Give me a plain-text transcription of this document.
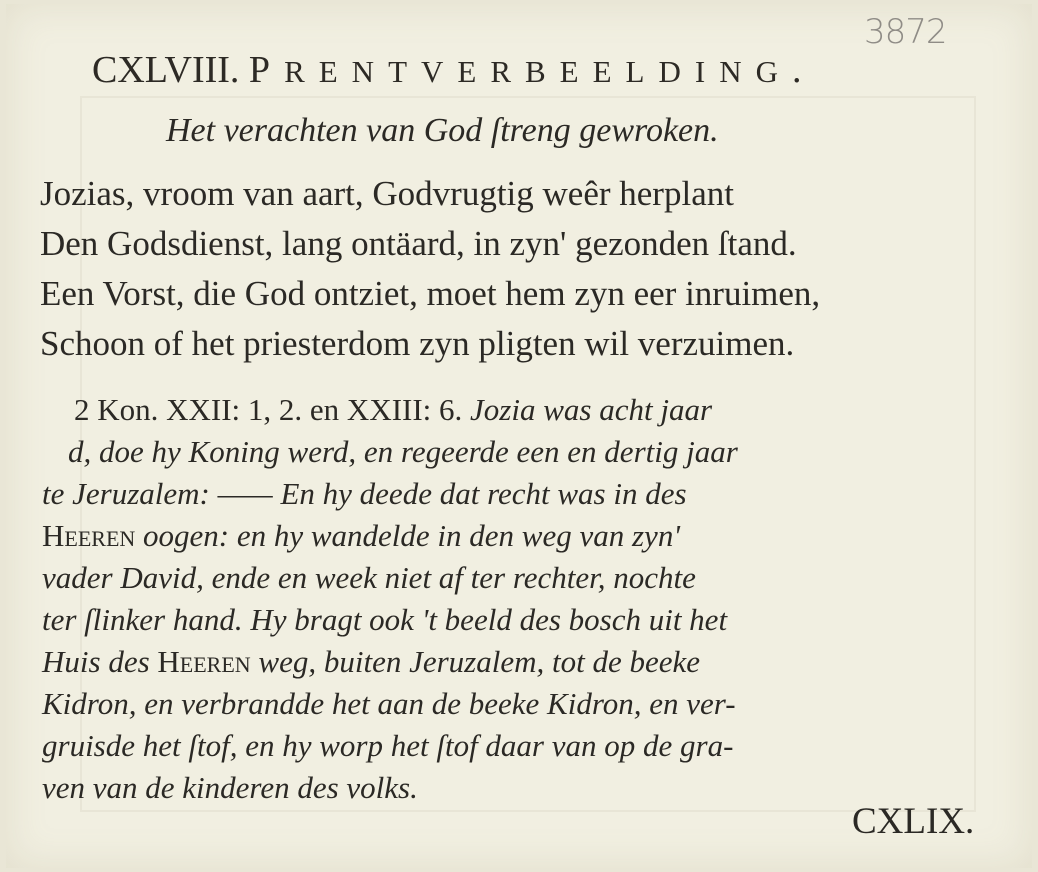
3872
CXLVIII. PRENTVERBEELDING.
Het verachten van God ſtreng gewroken.
Jozias, vroom van aart, Godvrugtig weêr herplant
Den Godsdienst, lang ontäard, in zyn' gezonden ſtand.
Een Vorst, die God ontziet, moet hem zyn eer inruimen,
Schoon of het priesterdom zyn pligten wil verzuimen.
2 Kon. XXII: 1, 2. en XXIII: 6. Jozia was acht jaar
d, doe hy Koning werd, en regeerde een en dertig jaar
te Jeruzalem: —— En hy deede dat recht was in des
Heeren oogen: en hy wandelde in den weg van zyn'
vader David, ende en week niet af ter rechter, nochte
ter ſlinker hand. Hy bragt ook 't beeld des bosch uit het
Huis des Heeren weg, buiten Jeruzalem, tot de beeke
Kidron, en verbrandde het aan de beeke Kidron, en ver-
gruisde het ſtof, en hy worp het ſtof daar van op de gra-
ven van de kinderen des volks.
CXLIX.
